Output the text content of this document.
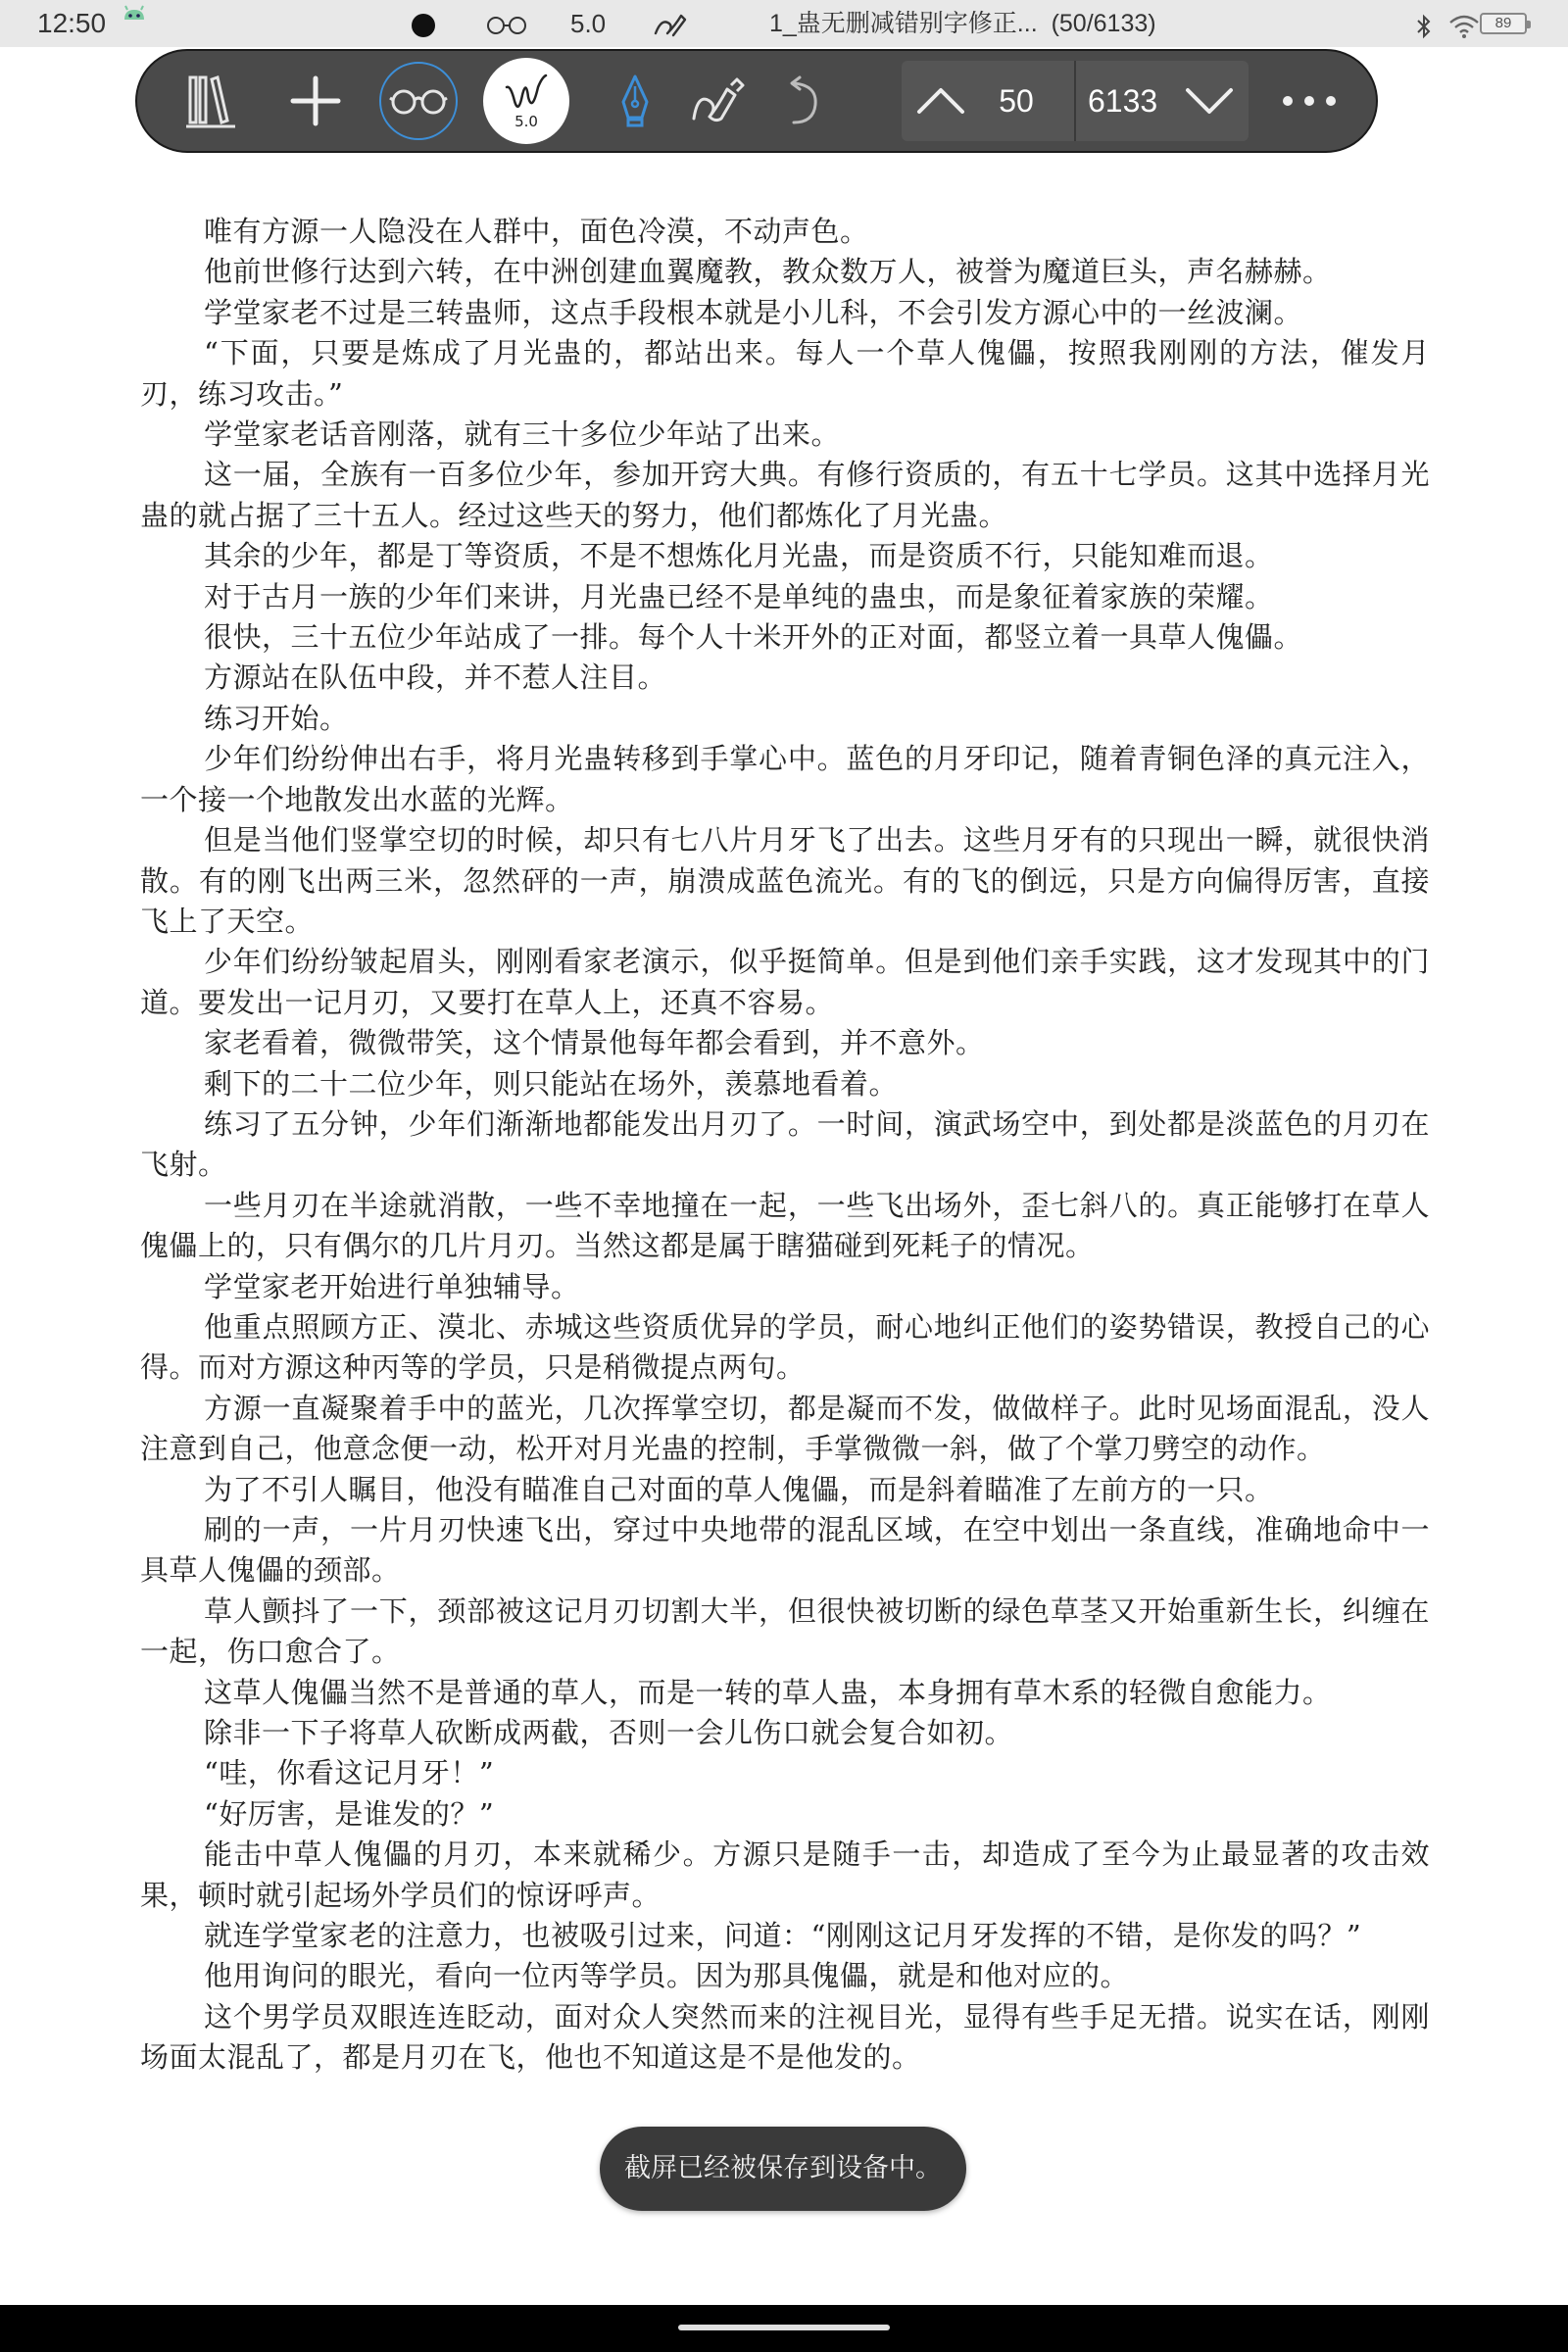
12:50	5.0	1_蛊无删减错别字修正... (50/6133)	89
5.0
50	6133

唯有方源一人隐没在人群中，面色冷漠，不动声色。

他前世修行达到六转，在中洲创建血翼魔教，教众数万人，被誉为魔道巨头，声名赫赫。

学堂家老不过是三转蛊师，这点手段根本就是小儿科，不会引发方源心中的一丝波澜。

“下面，只要是炼成了月光蛊的，都站出来。每人一个草人傀儡，按照我刚刚的方法，催发月刃，练习攻击。”

学堂家老话音刚落，就有三十多位少年站了出来。

这一届，全族有一百多位少年，参加开窍大典。有修行资质的，有五十七学员。这其中选择月光蛊的就占据了三十五人。经过这些天的努力，他们都炼化了月光蛊。

其余的少年，都是丁等资质，不是不想炼化月光蛊，而是资质不行，只能知难而退。

对于古月一族的少年们来讲，月光蛊已经不是单纯的蛊虫，而是象征着家族的荣耀。

很快，三十五位少年站成了一排。每个人十米开外的正对面，都竖立着一具草人傀儡。

方源站在队伍中段，并不惹人注目。

练习开始。

少年们纷纷伸出右手，将月光蛊转移到手掌心中。蓝色的月牙印记，随着青铜色泽的真元注入，一个接一个地散发出水蓝的光辉。

但是当他们竖掌空切的时候，却只有七八片月牙飞了出去。这些月牙有的只现出一瞬，就很快消散。有的刚飞出两三米，忽然砰的一声，崩溃成蓝色流光。有的飞的倒远，只是方向偏得厉害，直接飞上了天空。

少年们纷纷皱起眉头，刚刚看家老演示，似乎挺简单。但是到他们亲手实践，这才发现其中的门道。要发出一记月刃，又要打在草人上，还真不容易。

家老看着，微微带笑，这个情景他每年都会看到，并不意外。

剩下的二十二位少年，则只能站在场外，羡慕地看着。

练习了五分钟，少年们渐渐地都能发出月刃了。一时间，演武场空中，到处都是淡蓝色的月刃在飞射。

一些月刃在半途就消散，一些不幸地撞在一起，一些飞出场外，歪七斜八的。真正能够打在草人傀儡上的，只有偶尔的几片月刃。当然这都是属于瞎猫碰到死耗子的情况。

学堂家老开始进行单独辅导。

他重点照顾方正、漠北、赤城这些资质优异的学员，耐心地纠正他们的姿势错误，教授自己的心得。而对方源这种丙等的学员，只是稍微提点两句。

方源一直凝聚着手中的蓝光，几次挥掌空切，都是凝而不发，做做样子。此时见场面混乱，没人注意到自己，他意念便一动，松开对月光蛊的控制，手掌微微一斜，做了个掌刀劈空的动作。

为了不引人瞩目，他没有瞄准自己对面的草人傀儡，而是斜着瞄准了左前方的一只。

刷的一声，一片月刃快速飞出，穿过中央地带的混乱区域，在空中划出一条直线，准确地命中一具草人傀儡的颈部。

草人颤抖了一下，颈部被这记月刃切割大半，但很快被切断的绿色草茎又开始重新生长，纠缠在一起，伤口愈合了。

这草人傀儡当然不是普通的草人，而是一转的草人蛊，本身拥有草木系的轻微自愈能力。

除非一下子将草人砍断成两截，否则一会儿伤口就会复合如初。

“哇，你看这记月牙！”

“好厉害，是谁发的？”

能击中草人傀儡的月刃，本来就稀少。方源只是随手一击，却造成了至今为止最显著的攻击效果，顿时就引起场外学员们的惊讶呼声。

就连学堂家老的注意力，也被吸引过来，问道：“刚刚这记月牙发挥的不错，是你发的吗？”

他用询问的眼光，看向一位丙等学员。因为那具傀儡，就是和他对应的。

这个男学员双眼连连眨动，面对众人突然而来的注视目光，显得有些手足无措。说实在话，刚刚场面太混乱了，都是月刃在飞，他也不知道这是不是他发的。

截屏已经被保存到设备中。
